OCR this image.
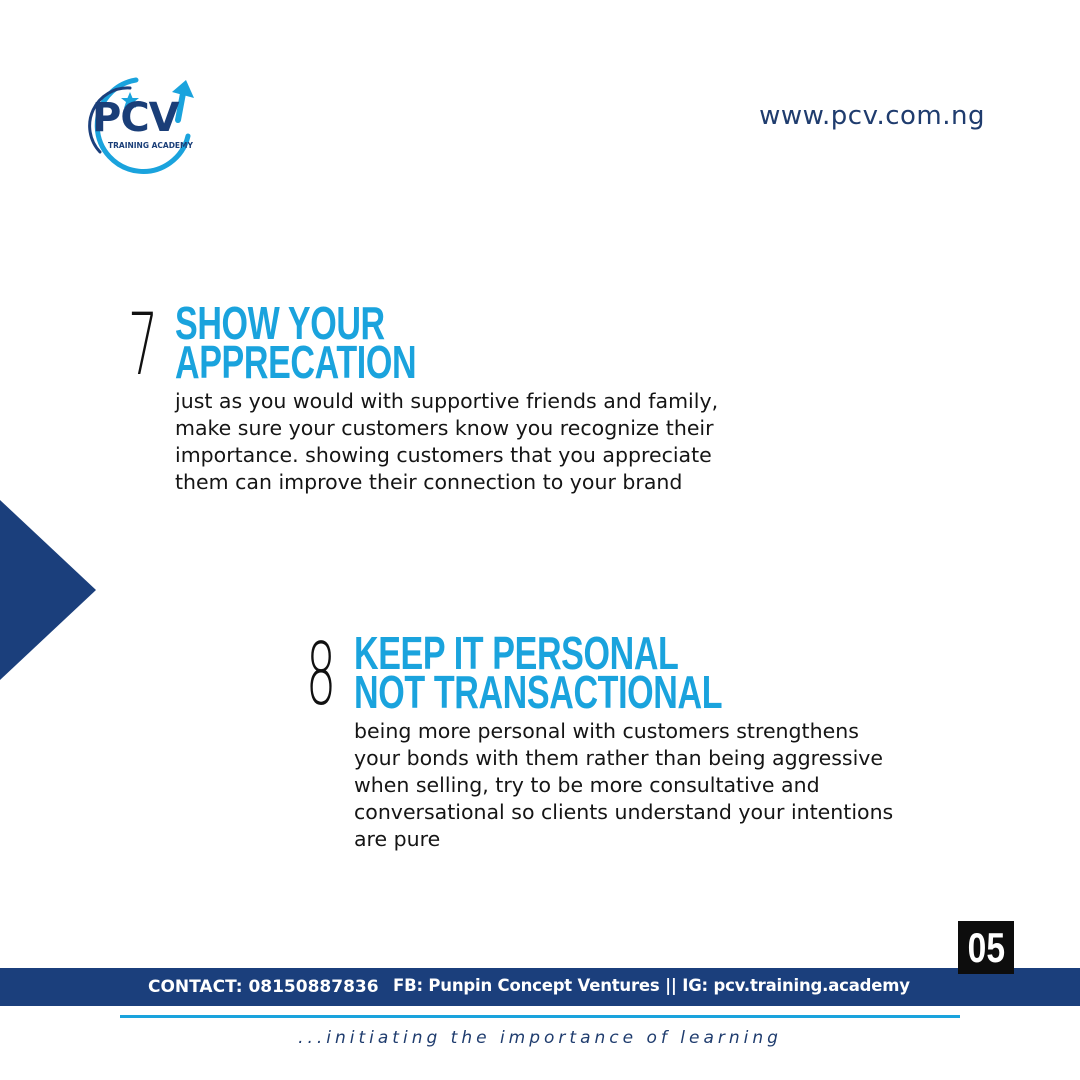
PCV
TRAINING ACADEMY
www.pcv.com.ng
7 SHOW YOUR
APPRECATION
just as you would with supportive friends and family,
make sure your customers know you recognize their
importance. showing customers that you appreciate
them can improve their connection to your brand
8 KEEP IT PERSONAL
NOT TRANSACTIONAL
being more personal with customers strengthens
your bonds with them rather than being aggressive
when selling, try to be more consultative and
conversational so clients understand your intentions
are pure
05
CONTACT: 08150887836 FB: Punpin Concept Ventures || IG: pcv.training.academy
...initiating the importance of learning
